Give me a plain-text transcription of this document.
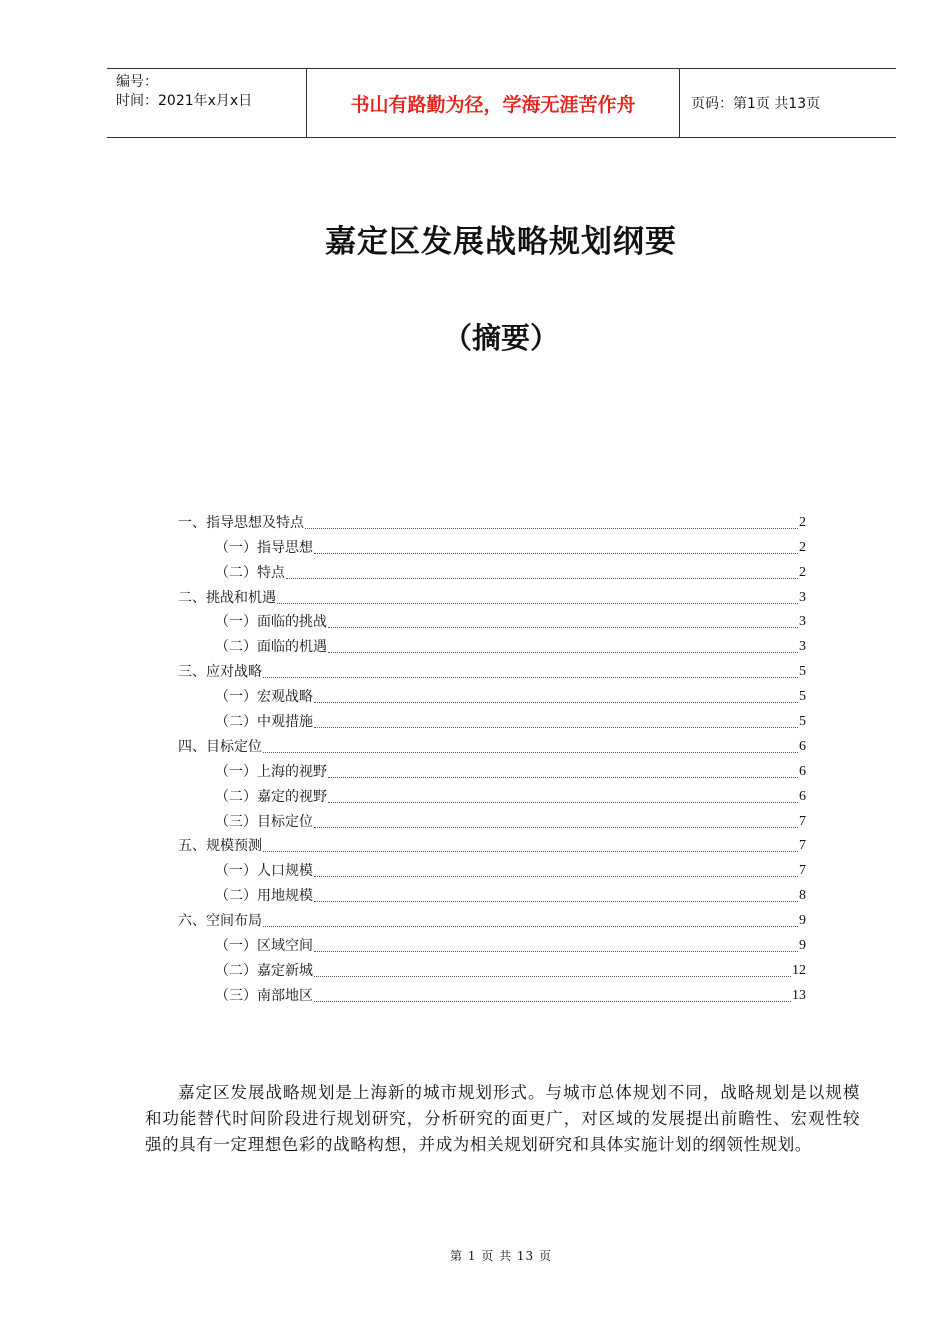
编号：
时间：2021年x月x日	书山有路勤为径，学海无涯苦作舟	页码：第1页 共13页
嘉定区发展战略规划纲要
（摘要）
一、指导思想及特点	2
（一）指导思想	2
（二）特点	2
二、挑战和机遇	3
（一）面临的挑战	3
（二）面临的机遇	3
三、应对战略	5
（一）宏观战略	5
（二）中观措施	5
四、目标定位	6
（一）上海的视野	6
（二）嘉定的视野	6
（三）目标定位	7
五、规模预测	7
（一）人口规模	7
（二）用地规模	8
六、空间布局	9
（一）区域空间	9
（二）嘉定新城	12
（三）南部地区	13
嘉定区发展战略规划是上海新的城市规划形式。与城市总体规划不同，战略规划是以规模和功能替代时间阶段进行规划研究，分析研究的面更广，对区域的发展提出前瞻性、宏观性较强的具有一定理想色彩的战略构想，并成为相关规划研究和具体实施计划的纲领性规划。
第 1 页 共 13 页
